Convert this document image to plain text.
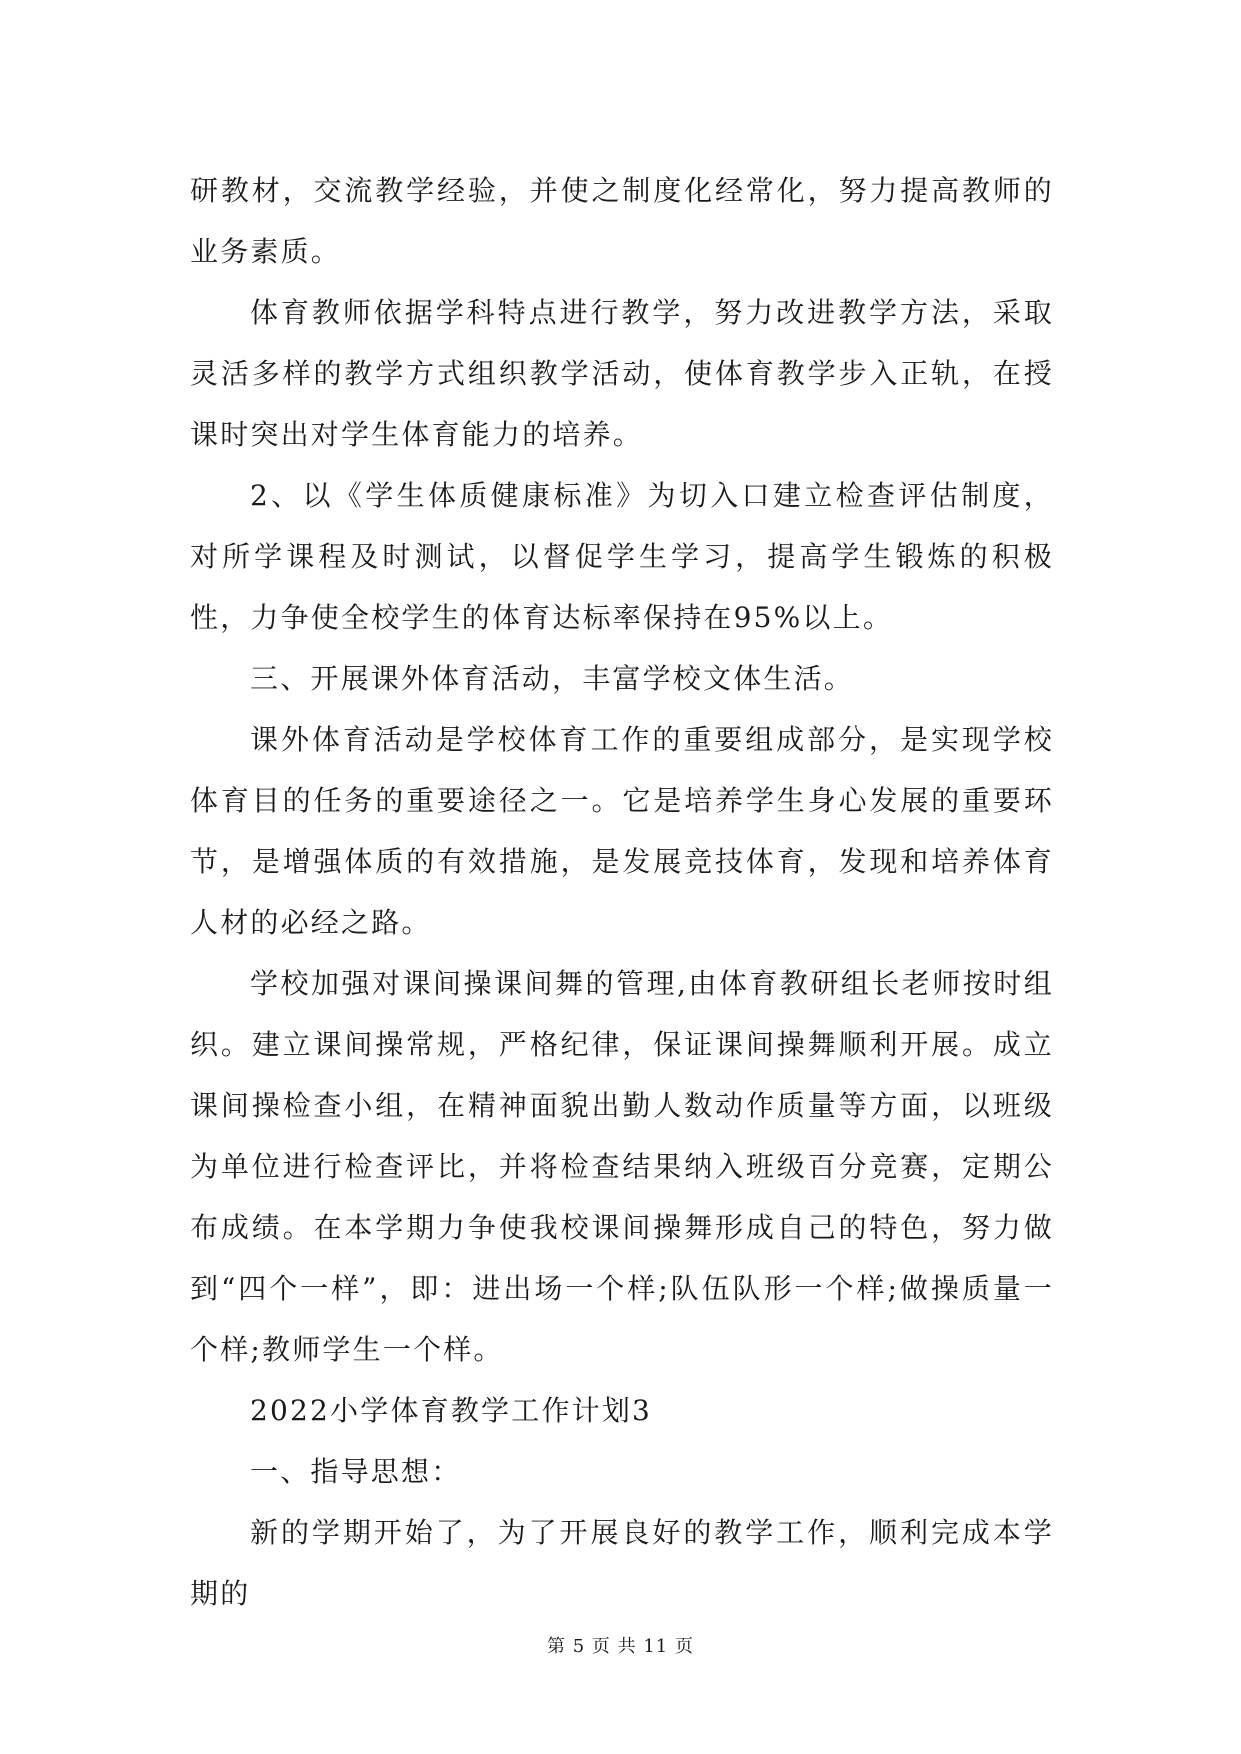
研教材，交流教学经验，并使之制度化经常化，努力提高教师的业务素质。

体育教师依据学科特点进行教学，努力改进教学方法，采取灵活多样的教学方式组织教学活动，使体育教学步入正轨，在授课时突出对学生体育能力的培养。

2、以《学生体质健康标准》为切入口建立检查评估制度，对所学课程及时测试，以督促学生学习，提高学生锻炼的积极性，力争使全校学生的体育达标率保持在95%以上。

三、开展课外体育活动，丰富学校文体生活。

课外体育活动是学校体育工作的重要组成部分，是实现学校体育目的任务的重要途径之一。它是培养学生身心发展的重要环节，是增强体质的有效措施，是发展竞技体育，发现和培养体育人材的必经之路。

学校加强对课间操课间舞的管理,由体育教研组长老师按时组织。建立课间操常规，严格纪律，保证课间操舞顺利开展。成立课间操检查小组，在精神面貌出勤人数动作质量等方面，以班级为单位进行检查评比，并将检查结果纳入班级百分竞赛，定期公布成绩。在本学期力争使我校课间操舞形成自己的特色，努力做到“四个一样”，即：进出场一个样;队伍队形一个样;做操质量一个样;教师学生一个样。

2022小学体育教学工作计划3

一、指导思想：

新的学期开始了，为了开展良好的教学工作，顺利完成本学期的

第 5 页 共 11 页
